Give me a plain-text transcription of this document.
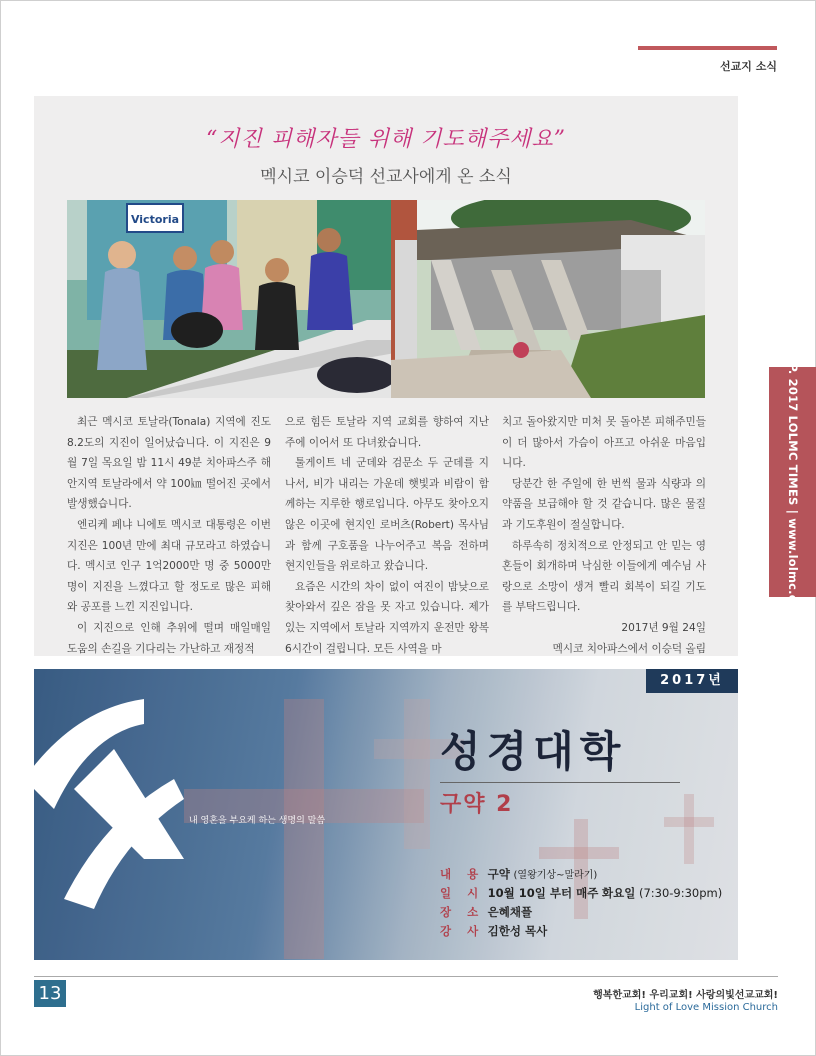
선교지 소식
SEP. 2017 LOLMC TIMES | www.lolmc.org
“지진 피해자들 위해 기도해주세요”
멕시코 이승덕 선교사에게 온 소식
Victoria

최근 멕시코 토날라(Tonala) 지역에 진도 8.2도의 지진이 일어났습니다. 이 지진은 9월 7일 목요일 밤 11시 49분 치아파스주 해안지역 토날라에서 약 100㎞ 떨어진 곳에서 발생했습니다.

엔리케 페냐 니에토 멕시코 대통령은 이번 지진은 100년 만에 최대 규모라고 하였습니다. 멕시코 인구 1억2000만 명 중 5000만 명이 지진을 느꼈다고 할 정도로 많은 피해와 공포를 느낀 지진입니다.

이 지진으로 인해 추위에 떨며 매일매일 도움의 손길을 기다리는 가난하고 재정적

으로 힘든 토날라 지역 교회를 향하여 지난주에 이어서 또 다녀왔습니다.

툴게이트 네 군데와 검문소 두 군데를 지나서, 비가 내리는 가운데 햇빛과 비람이 함께하는 지루한 행로입니다. 아무도 찾아오지 않은 이곳에 현지인 로버츠(Robert) 목사님과 함께 구호품을 나누어주고 복음 전하며 현지인들을 위로하고 왔습니다.

요즘은 시간의 차이 없이 여진이 밤낮으로 찾아와서 깊은 잠을 못 자고 있습니다. 제가 있는 지역에서 토날라 지역까지 운전만 왕복 6시간이 걸립니다. 모든 사역을 마

치고 돌아왔지만 미처 못 돌아본 피해주민들이 더 많아서 가슴이 아프고 아쉬운 마음입니다.

당분간 한 주일에 한 번씩 물과 식량과 의약품을 보급해야 할 것 같습니다. 많은 물질과 기도후원이 절실합니다.

하루속히 정치적으로 안정되고 안 믿는 영혼들이 회개하며 낙심한 이들에게 예수님 사랑으로 소망이 생겨 빨리 회복이 되길 기도를 부탁드립니다.

2017년 9월 24일

멕시코 치아파스에서 이승덕 올림

2017년
성경대학
구약 2
내 영혼을 부요케 하는 생명의 말씀
내 용 구약 (열왕기상~말라기)
일 시 10월 10일 부터 매주 화요일 (7:30-9:30pm)
장 소 은혜채플
강 사 김한성 목사
13	행복한교회! 우리교회! 사랑의빛선교교회!
Light of Love Mission Church
